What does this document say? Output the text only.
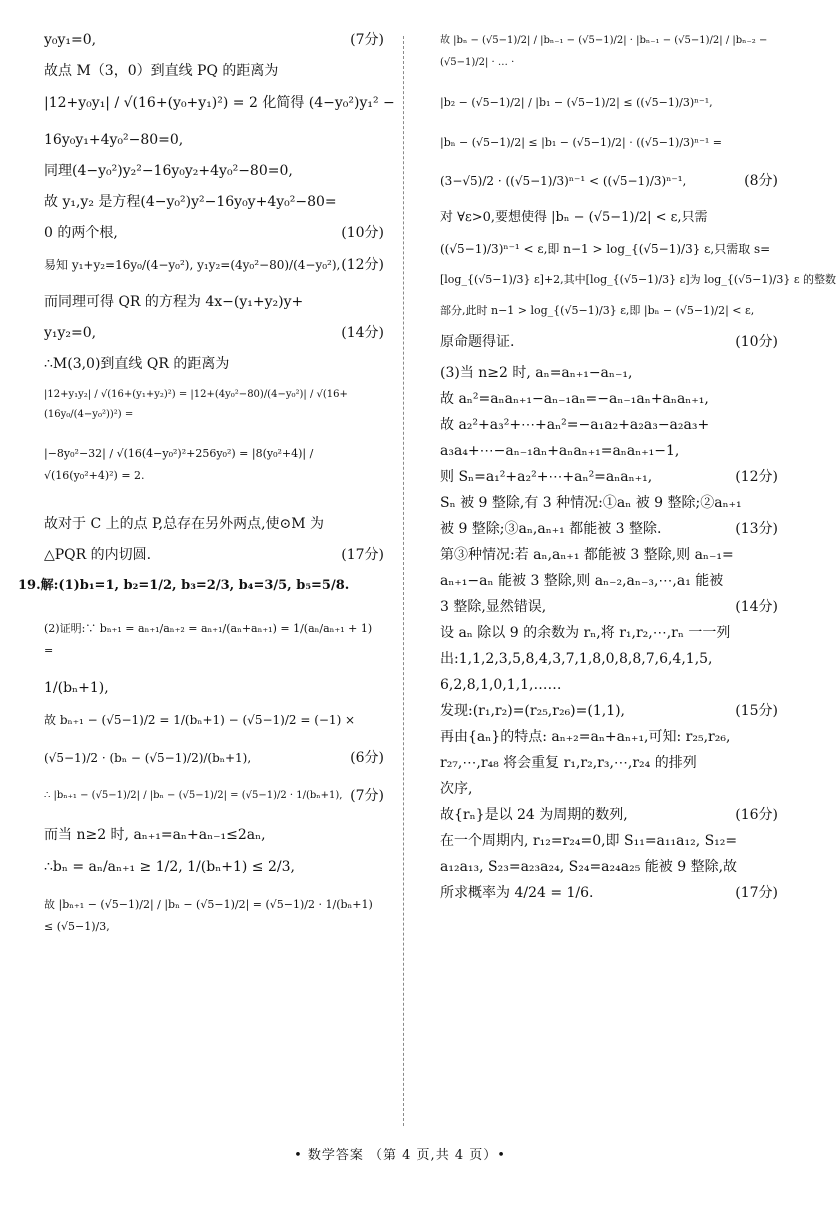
y₀y₁=0,	(7分)
故点 M（3，0）到直线 PQ 的距离为
|12+y₀y₁| / √(16+(y₀+y₁)²) = 2 化简得 (4−y₀²)y₁² −
16y₀y₁+4y₀²−80=0,
同理(4−y₀²)y₂²−16y₀y₂+4y₀²−80=0,
故 y₁,y₂ 是方程(4−y₀²)y²−16y₀y+4y₀²−80=
0 的两个根,	(10分)
易知 y₁+y₂=16y₀/(4−y₀²), y₁y₂=(4y₀²−80)/(4−y₀²), (12分)
而同理可得 QR 的方程为 4x−(y₁+y₂)y+
y₁y₂=0,	(14分)
∴M(3,0)到直线 QR 的距离为
|12+y₁y₂| / √(16+(y₁+y₂)²) = |12+(4y₀²−80)/(4−y₀²)| / √(16+(16y₀/(4−y₀²))²) =
|−8y₀²−32| / √(16(4−y₀²)²+256y₀²) = |8(y₀²+4)| / √(16(y₀²+4)²) = 2.
故对于 C 上的点 P,总存在另外两点,使⊙M 为
△PQR 的内切圆.	(17分)
19.解:(1)b₁=1, b₂=1/2, b₃=2/3, b₄=3/5, b₅=5/8.
(2)证明:∵ bₙ₊₁ = aₙ₊₁/aₙ₊₂ = aₙ₊₁/(aₙ+aₙ₊₁) = 1/(aₙ/aₙ₊₁ + 1) =
1/(bₙ+1),
故 bₙ₊₁ − (√5−1)/2 = 1/(bₙ+1) − (√5−1)/2 = (−1) ×
(√5−1)/2 · (bₙ − (√5−1)/2)/(bₙ+1),	(6分)
∴ |bₙ₊₁ − (√5−1)/2| / |bₙ − (√5−1)/2| = (√5−1)/2 · 1/(bₙ+1), (7分)
而当 n≥2 时, aₙ₊₁=aₙ+aₙ₋₁≤2aₙ,
∴bₙ = aₙ/aₙ₊₁ ≥ 1/2, 1/(bₙ+1) ≤ 2/3,
故 |bₙ₊₁ − (√5−1)/2| / |bₙ − (√5−1)/2| = (√5−1)/2 · 1/(bₙ+1) ≤ (√5−1)/3,
故 |bₙ − (√5−1)/2| / |bₙ₋₁ − (√5−1)/2| · |bₙ₋₁ − (√5−1)/2| / |bₙ₋₂ − (√5−1)/2| · … ·
|b₂ − (√5−1)/2| / |b₁ − (√5−1)/2| ≤ ((√5−1)/3)ⁿ⁻¹,
|bₙ − (√5−1)/2| ≤ |b₁ − (√5−1)/2| · ((√5−1)/3)ⁿ⁻¹ =
(3−√5)/2 · ((√5−1)/3)ⁿ⁻¹ < ((√5−1)/3)ⁿ⁻¹,	(8分)
对 ∀ε>0,要想使得 |bₙ − (√5−1)/2| < ε,只需
((√5−1)/3)ⁿ⁻¹ < ε,即 n−1 > log_{(√5−1)/3} ε,只需取 s=
[log_{(√5−1)/3} ε]+2,其中[log_{(√5−1)/3} ε]为 log_{(√5−1)/3} ε 的整数
部分,此时 n−1 > log_{(√5−1)/3} ε,即 |bₙ − (√5−1)/2| < ε,
原命题得证.	(10分)
(3)当 n≥2 时, aₙ=aₙ₊₁−aₙ₋₁,
故 aₙ²=aₙaₙ₊₁−aₙ₋₁aₙ=−aₙ₋₁aₙ+aₙaₙ₊₁,
故 a₂²+a₃²+⋯+aₙ²=−a₁a₂+a₂a₃−a₂a₃+
a₃a₄+⋯−aₙ₋₁aₙ+aₙaₙ₊₁=aₙaₙ₊₁−1,
则 Sₙ=a₁²+a₂²+⋯+aₙ²=aₙaₙ₊₁,	(12分)
Sₙ 被 9 整除,有 3 种情况:①aₙ 被 9 整除;②aₙ₊₁
被 9 整除;③aₙ,aₙ₊₁ 都能被 3 整除.	(13分)
第③种情况:若 aₙ,aₙ₊₁ 都能被 3 整除,则 aₙ₋₁=
aₙ₊₁−aₙ 能被 3 整除,则 aₙ₋₂,aₙ₋₃,⋯,a₁ 能被
3 整除,显然错误,	(14分)
设 aₙ 除以 9 的余数为 rₙ,将 r₁,r₂,⋯,rₙ 一一列
出:1,1,2,3,5,8,4,3,7,1,8,0,8,8,7,6,4,1,5,
6,2,8,1,0,1,1,……
发现:(r₁,r₂)=(r₂₅,r₂₆)=(1,1),	(15分)
再由{aₙ}的特点: aₙ₊₂=aₙ+aₙ₊₁,可知: r₂₅,r₂₆,
r₂₇,⋯,r₄₈ 将会重复 r₁,r₂,r₃,⋯,r₂₄ 的排列
次序,
故{rₙ}是以 24 为周期的数列,	(16分)
在一个周期内, r₁₂=r₂₄=0,即 S₁₁=a₁₁a₁₂, S₁₂=
a₁₂a₁₃, S₂₃=a₂₃a₂₄, S₂₄=a₂₄a₂₅ 能被 9 整除,故
所求概率为 4/24 = 1/6.	(17分)
• 数学答案 （第 4 页,共 4 页）•
